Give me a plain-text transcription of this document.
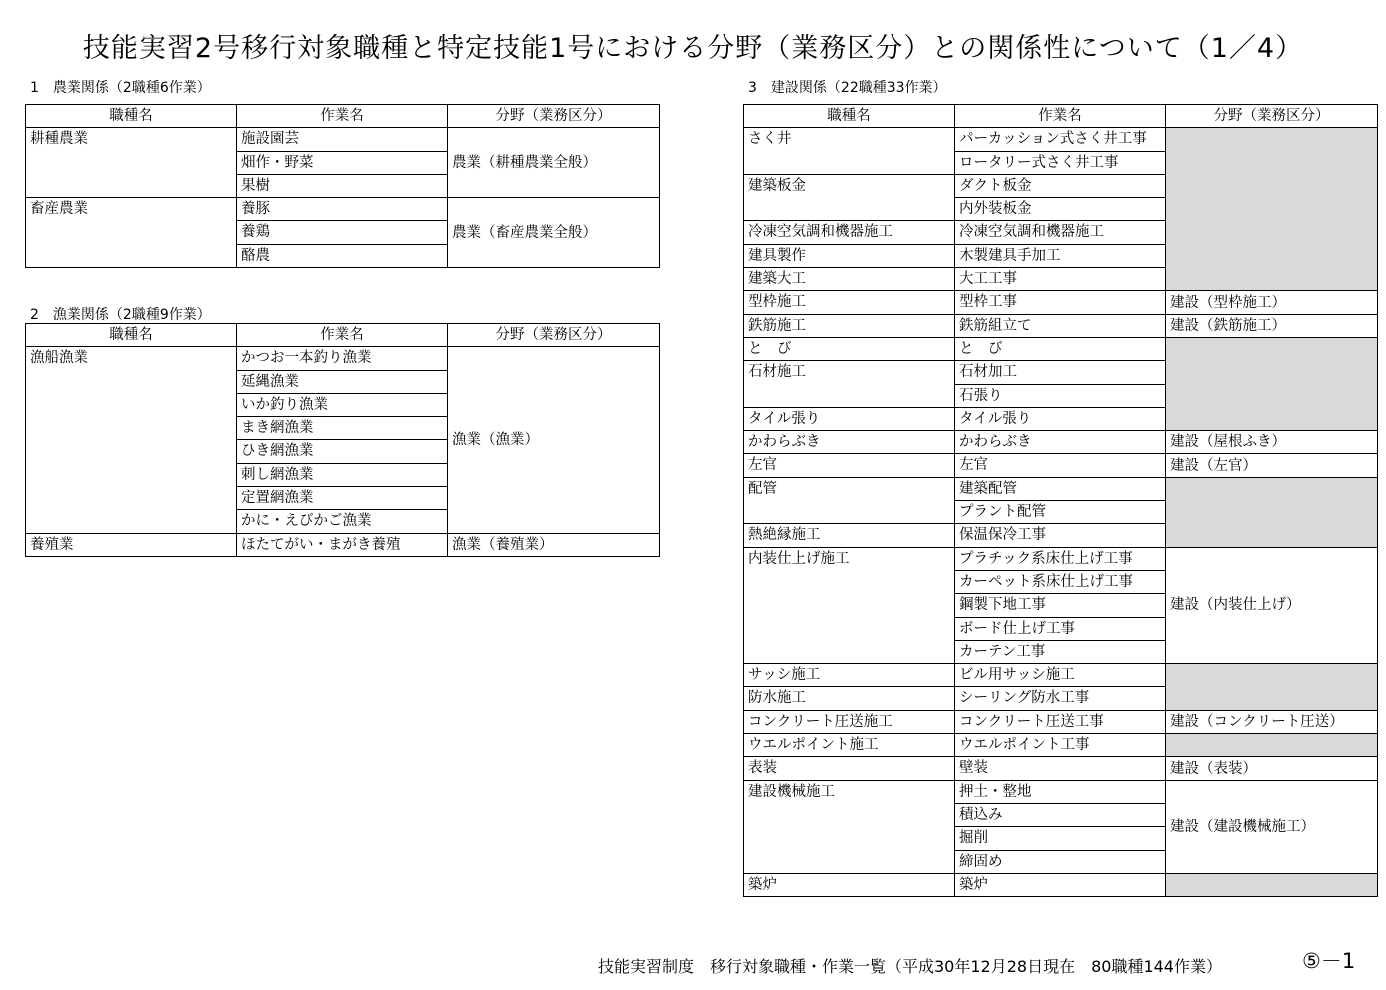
技能実習2号移行対象職種と特定技能1号における分野（業務区分）との関係性について（1／4）
1　農業関係（2職種6作業）
職種名	作業名	分野（業務区分）
耕種農業	施設園芸	農業（耕種農業全般）
	畑作・野菜	
	果樹	
畜産農業	養豚	農業（畜産農業全般）
	養鶏	
	酪農	
2　漁業関係（2職種9作業）
職種名	作業名	分野（業務区分）
漁船漁業	かつお一本釣り漁業	漁業（漁業）
	延縄漁業	
	いか釣り漁業	
	まき網漁業	
	ひき網漁業	
	刺し網漁業	
	定置網漁業	
	かに・えびかご漁業	
養殖業	ほたてがい・まがき養殖	漁業（養殖業）
3　建設関係（22職種33作業）
職種名	作業名	分野（業務区分）
さく井	パーカッション式さく井工事	
	ロータリー式さく井工事	
建築板金	ダクト板金	
	内外装板金	
冷凍空気調和機器施工	冷凍空気調和機器施工	
建具製作	木製建具手加工	
建築大工	大工工事	
型枠施工	型枠工事	建設（型枠施工）
鉄筋施工	鉄筋組立て	建設（鉄筋施工）
と　び	と　び	
石材施工	石材加工	
	石張り	
タイル張り	タイル張り	
かわらぶき	かわらぶき	建設（屋根ふき）
左官	左官	建設（左官）
配管	建築配管	
	プラント配管	
熱絶縁施工	保温保冷工事	
内装仕上げ施工	プラチック系床仕上げ工事	建設（内装仕上げ）
	カーペット系床仕上げ工事	
	鋼製下地工事	
	ボード仕上げ工事	
	カーテン工事	
サッシ施工	ビル用サッシ施工	
防水施工	シーリング防水工事	
コンクリート圧送施工	コンクリート圧送工事	建設（コンクリート圧送）
ウエルポイント施工	ウエルポイント工事	
表装	壁装	建設（表装）
建設機械施工	押土・整地	建設（建設機械施工）
	積込み	
	掘削	
	締固め	
築炉	築炉	
技能実習制度　移行対象職種・作業一覧（平成30年12月28日現在　80職種144作業）	⑤－1
